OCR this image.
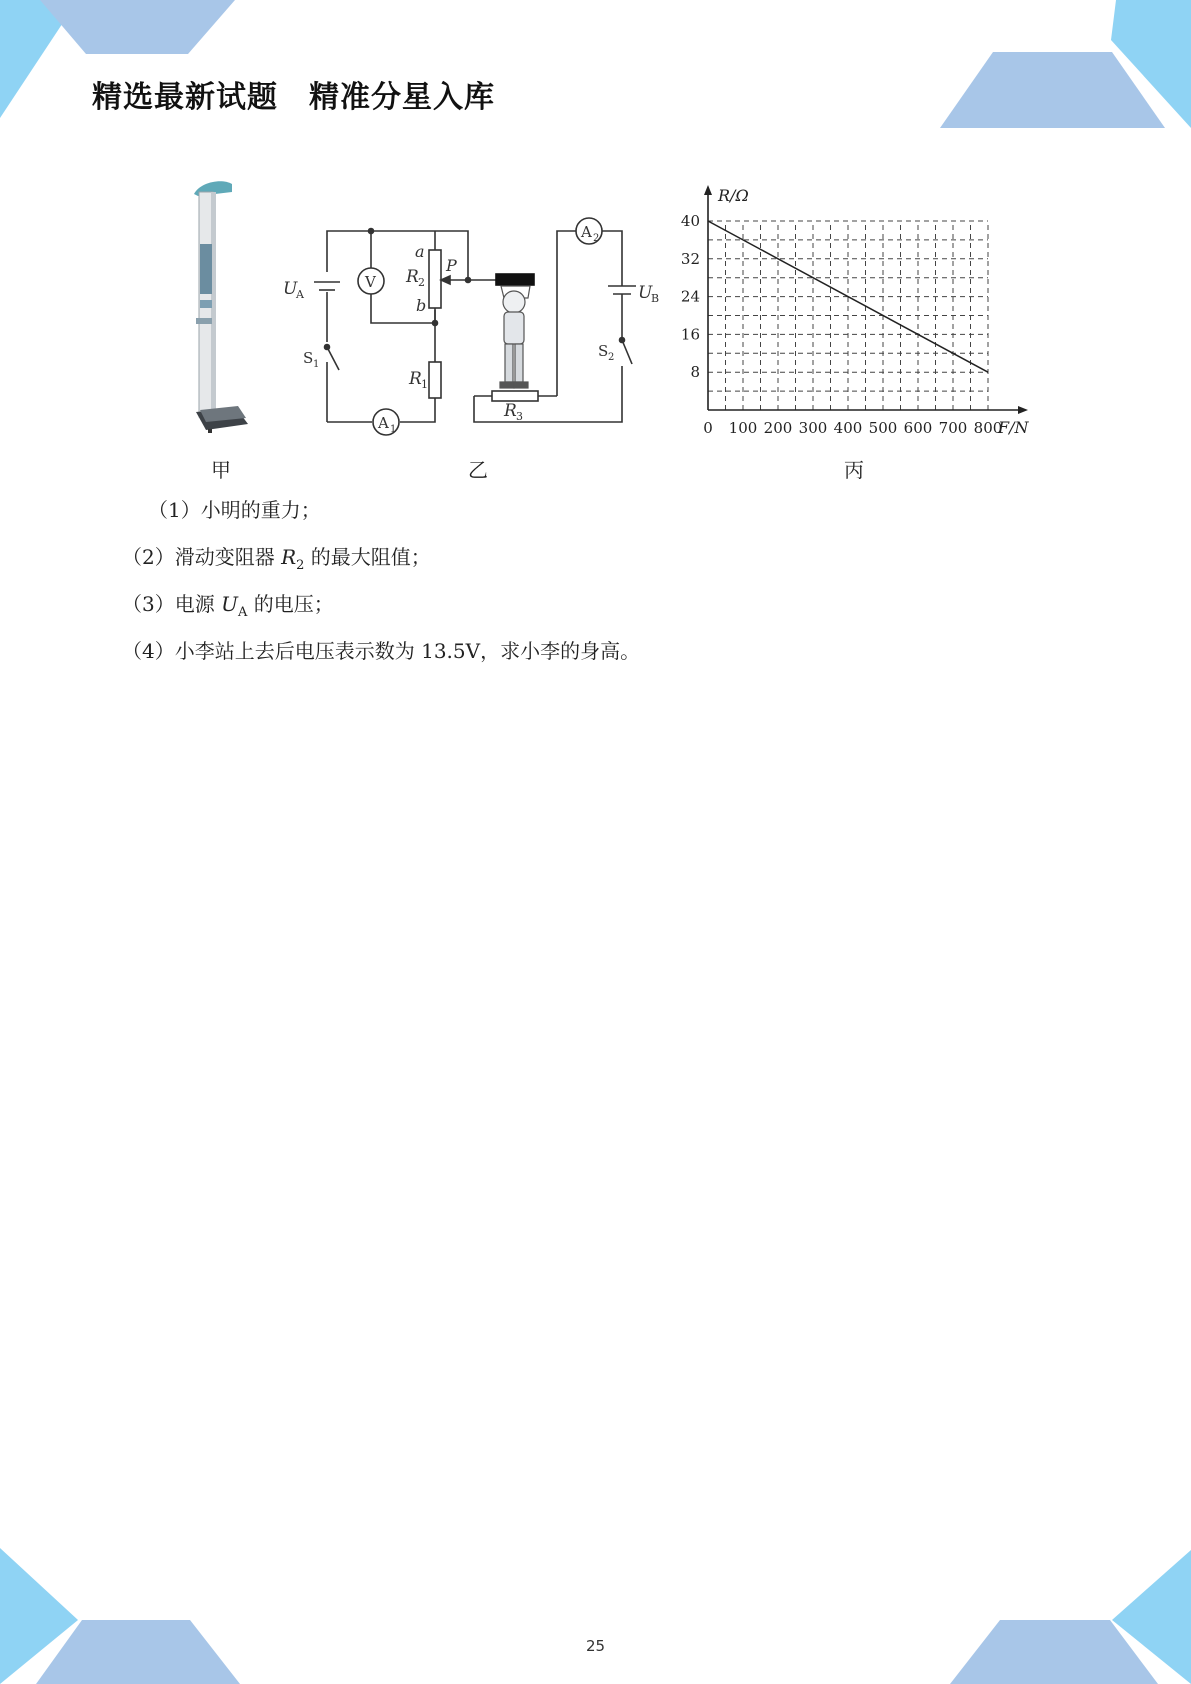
精选最新试题　精准分星入库
U
A	U
B
S 1
S 2
R 1
R 2
R 3
a
b
P
V
A 1
A 2
0 100 200 300 400 500 600 700 800
8
16
24
32
40
F/N
R/Ω
甲	乙	丙
（1）小明的重力；
（2）滑动变阻器 $R_2$ 的最大阻值；
（3）电源 $U_A$ 的电压；
（4）小李站上去后电压表示数为 13.5V，求小李的身高。
25
